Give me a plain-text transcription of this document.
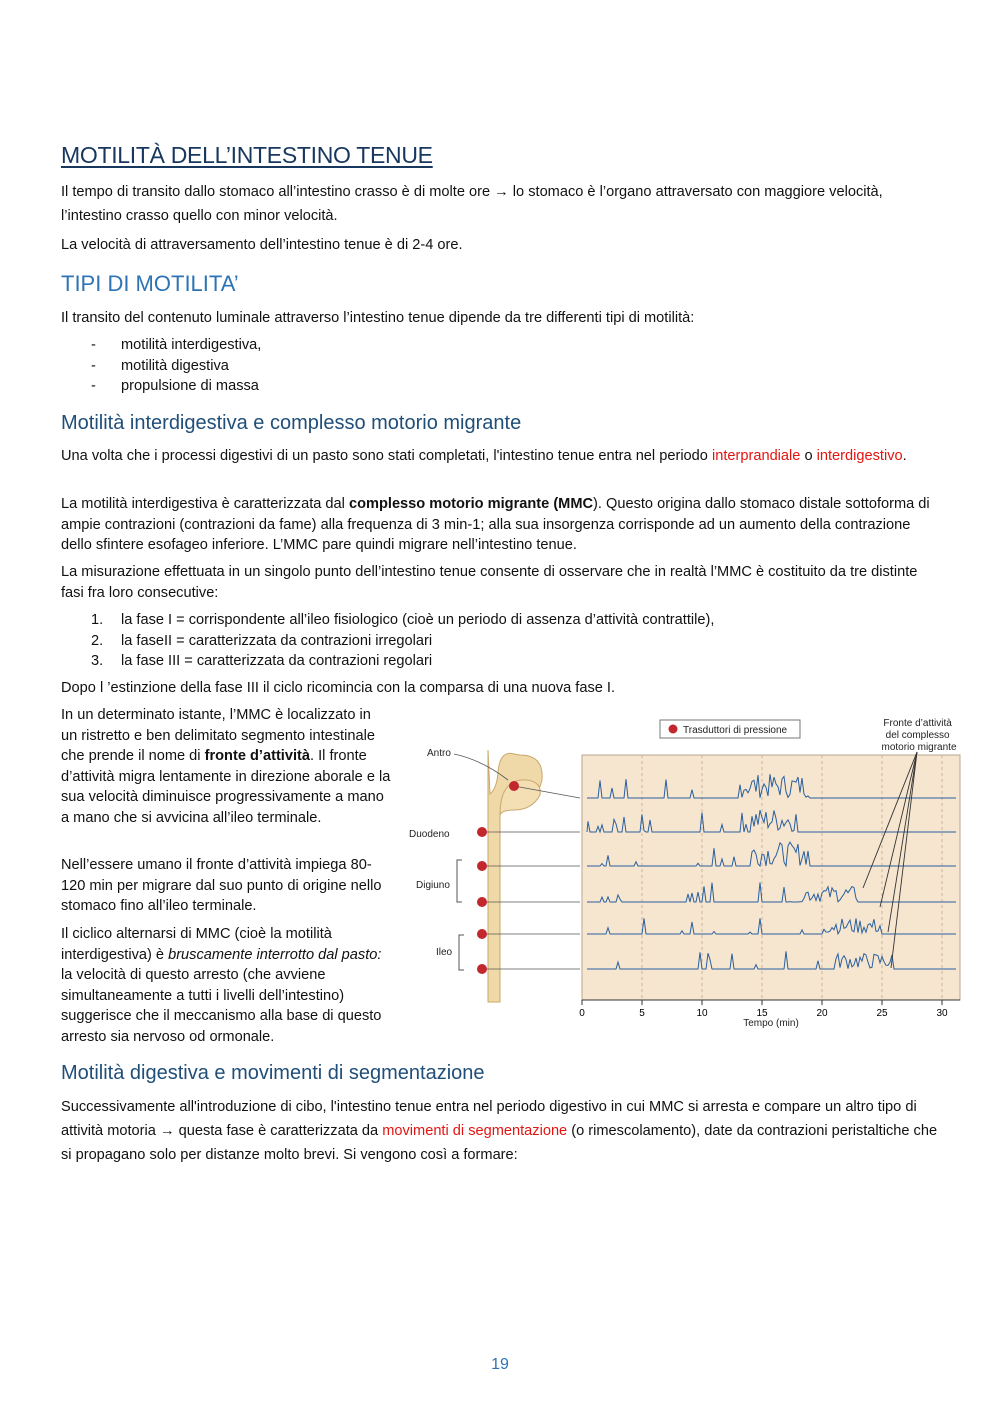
MOTILITÀ DELL’INTESTINO TENUE

Il tempo di transito dallo stomaco all’intestino crasso è di molte ore → lo stomaco è l’organo attraversato con maggiore velocità, l’intestino crasso quello con minor velocità.

La velocità di attraversamento dell’intestino tenue è di 2-4 ore.

TIPI DI MOTILITA’

Il transito del contenuto luminale attraverso l’intestino tenue dipende da tre differenti tipi di motilità:

- motilità interdigestiva,
- motilità digestiva
- propulsione di massa
Motilità interdigestiva e complesso motorio migrante

Una volta che i processi digestivi di un pasto sono stati completati, l'intestino tenue entra nel periodo interprandiale o interdigestivo.

La motilità interdigestiva è caratterizzata dal complesso motorio migrante (MMC). Questo origina dallo stomaco distale sottoforma di ampie contrazioni (contrazioni da fame) alla frequenza di 3 min-1; alla sua insorgenza corrisponde ad un aumento della contrazione dello sfintere esofageo inferiore. L’MMC pare quindi migrare nell’intestino tenue.

La misurazione effettuata in un singolo punto dell’intestino tenue consente di osservare che in realtà l’MMC è costituito da tre distinte fasi fra loro consecutive:

1. la fase I = corrispondente all’ileo fisiologico (cioè un periodo di assenza d’attività contrattile),
2. la faseII = caratterizzata da contrazioni irregolari
3. la fase III = caratterizzata da contrazioni regolari

Dopo l ’estinzione della fase III il ciclo ricomincia con la comparsa di una nuova fase I.

In un determinato istante, l’MMC è localizzato in un ristretto e ben delimitato segmento intestinale che prende il nome di fronte d’attività. Il fronte d’attività migra lentamente in direzione aborale e la sua velocità diminuisce progressivamente a mano a mano che si avvicina all’ileo terminale.

Nell’essere umano il fronte d’attività impiega 80-120 min per migrare dal suo punto di origine nello stomaco fino all’ileo terminale.

Il ciclico alternarsi di MMC (cioè la motilità interdigestiva) è bruscamente interrotto dal pasto: la velocità di questo arresto (che avviene simultaneamente a tutti i livelli dell’intestino) suggerisce che il meccanismo alla base di questo arresto sia nervoso od ormonale.

Trasduttori di pressione
Fronte d’attività del complesso motorio migrante
Antro
Duodeno
Digiuno
Ileo
0	5	10	15	20	25	30
Tempo (min)
Motilità digestiva e movimenti di segmentazione

Successivamente all'introduzione di cibo, l'intestino tenue entra nel periodo digestivo in cui MMC si arresta e compare un altro tipo di attività motoria → questa fase è caratterizzata da movimenti di segmentazione (o rimescolamento), date da contrazioni peristaltiche che si propagano solo per distanze molto brevi. Si vengono così a formare:

19
